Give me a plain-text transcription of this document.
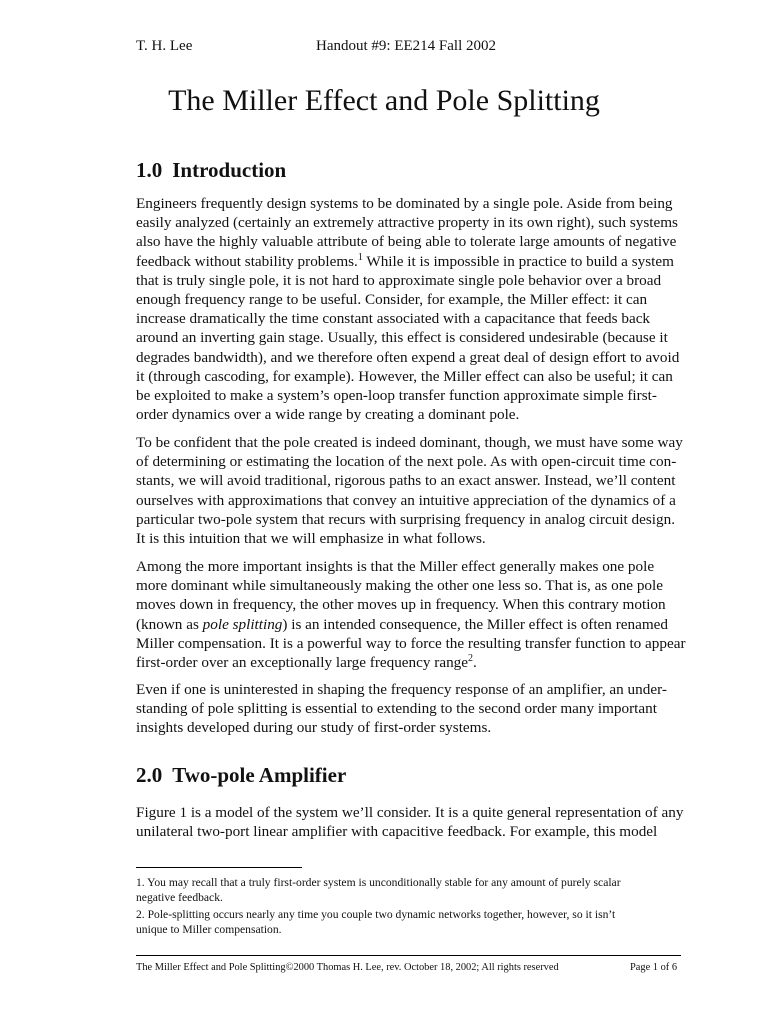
T. H. Lee	Handout #9: EE214 Fall 2002
The Miller Effect and Pole Splitting
1.0 Introduction
Engineers frequently design systems to be dominated by a single pole. Aside from being
easily analyzed (certainly an extremely attractive property in its own right), such systems
also have the highly valuable attribute of being able to tolerate large amounts of negative
feedback without stability problems.$^1$ While it is impossible in practice to build a system
that is truly single pole, it is not hard to approximate single pole behavior over a broad
enough frequency range to be useful. Consider, for example, the Miller effect: it can
increase dramatically the time constant associated with a capacitance that feeds back
around an inverting gain stage. Usually, this effect is considered undesirable (because it
degrades bandwidth), and we therefore often expend a great deal of design effort to avoid
it (through cascoding, for example). However, the Miller effect can also be useful; it can
be exploited to make a system’s open-loop transfer function approximate simple first-
order dynamics over a wide range by creating a dominant pole.
To be confident that the pole created is indeed dominant, though, we must have some way
of determining or estimating the location of the next pole. As with open-circuit time con-
stants, we will avoid traditional, rigorous paths to an exact answer. Instead, we’ll content
ourselves with approximations that convey an intuitive appreciation of the dynamics of a
particular two-pole system that recurs with surprising frequency in analog circuit design.
It is this intuition that we will emphasize in what follows.
Among the more important insights is that the Miller effect generally makes one pole
more dominant while simultaneously making the other one less so. That is, as one pole
moves down in frequency, the other moves up in frequency. When this contrary motion
(known as pole splitting) is an intended consequence, the Miller effect is often renamed
Miller compensation. It is a powerful way to force the resulting transfer function to appear
first-order over an exceptionally large frequency range$^2$.
Even if one is uninterested in shaping the frequency response of an amplifier, an under-
standing of pole splitting is essential to extending to the second order many important
insights developed during our study of first-order systems.
2.0 Two-pole Amplifier
Figure 1 is a model of the system we’ll consider. It is a quite general representation of any
unilateral two-port linear amplifier with capacitive feedback. For example, this model
1. You may recall that a truly first-order system is unconditionally stable for any amount of purely scalar
negative feedback.
2. Pole-splitting occurs nearly any time you couple two dynamic networks together, however, so it isn’t
unique to Miller compensation.
The Miller Effect and Pole Splitting©2000 Thomas H. Lee, rev. October 18, 2002; All rights reserved	Page 1 of 6
